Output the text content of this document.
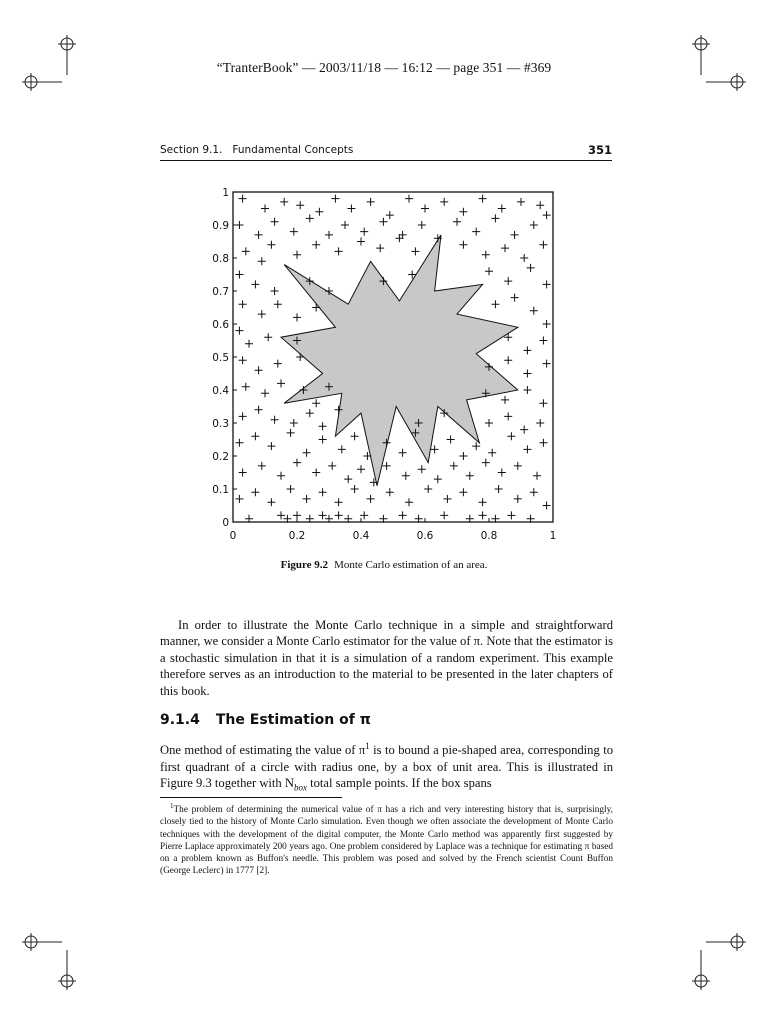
“TranterBook” — 2003/11/18 — 16:12 — page 351 — #369
Section 9.1.   Fundamental Concepts	351
0	0.2	0.4	0.6	0.8	1
0
0.1
0.2
0.3
0.4
0.5
0.6
0.7
0.8
0.9
1
Figure 9.2 Monte Carlo estimation of an area.

In order to illustrate the Monte Carlo technique in a simple and straightforward manner, we consider a Monte Carlo estimator for the value of π. Note that the estimator is a stochastic simulation in that it is a simulation of a random experiment. This example therefore serves as an introduction to the material to be presented in the later chapters of this book.

9.1.4 The Estimation of π

One method of estimating the value of $\pi^1$ is to bound a pie-shaped area, corresponding to first quadrant of a circle with radius one, by a box of unit area. This is illustrated in Figure 9.3 together with $N_{box}$ total sample points. If the box spans

$^1$The problem of determining the numerical value of π has a rich and very interesting history that is, surprisingly, closely tied to the history of Monte Carlo simulation. Even though we often associate the development of Monte Carlo techniques with the development of the digital computer, the Monte Carlo method was apparently first suggested by Pierre Laplace approximately 200 years ago. One problem considered by Laplace was a technique for estimating π based on a problem known as Buffon's needle. This problem was posed and solved by the French scientist Count Buffon (George Leclerc) in 1777 [2].
